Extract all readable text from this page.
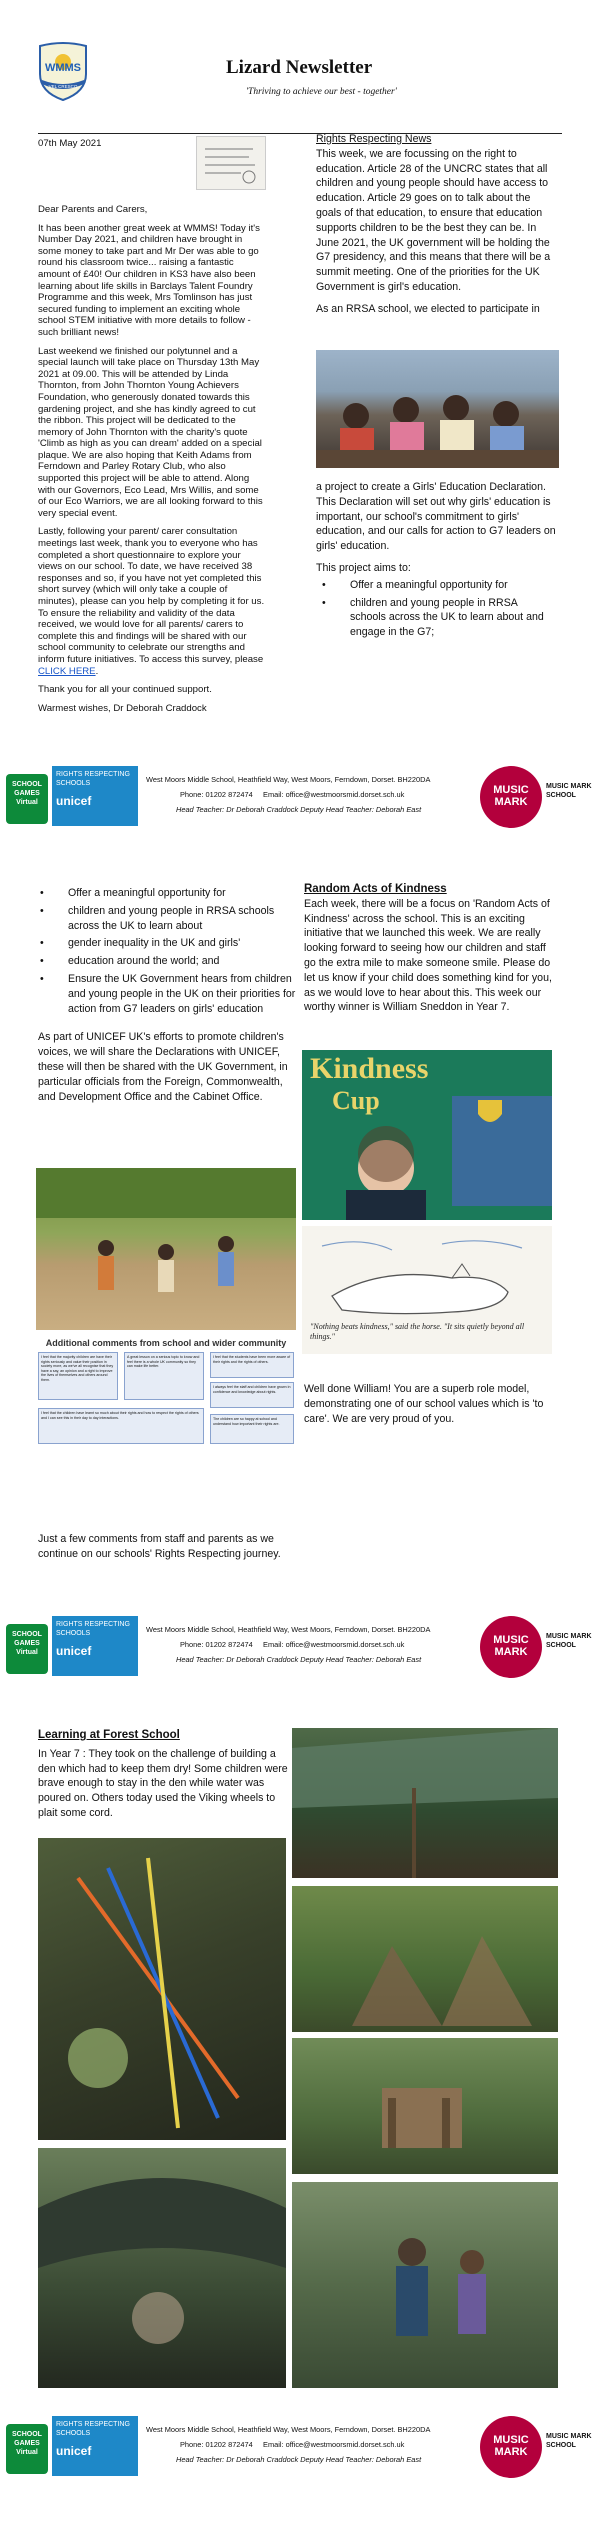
WMMS
VEL CRESCO
Lizard Newsletter
'Thriving to achieve our best - together'
07th May 2021

Dear Parents and Carers,

It has been another great week at WMMS! Today it's Number Day 2021, and children have brought in some money to take part and Mr Der was able to go round his classroom twice... raising a fantastic amount of £40! Our children in KS3 have also been learning about life skills in Barclays Talent Foundry Programme and this week, Mrs Tomlinson has just secured funding to implement an exciting whole school STEM initiative with more details to follow - such brilliant news!

Last weekend we finished our polytunnel and a special launch will take place on Thursday 13th May 2021 at 09.00. This will be attended by Linda Thornton, from John Thornton Young Achievers Foundation, who generously donated towards this gardening project, and she has kindly agreed to cut the ribbon. This project will be dedicated to the memory of John Thornton with the charity's quote 'Climb as high as you can dream' added on a special plaque. We are also hoping that Keith Adams from Ferndown and Parley Rotary Club, who also supported this project will be able to attend. Along with our Governors, Eco Lead, Mrs Willis, and some of our Eco Warriors, we are all looking forward to this very special event.

Lastly, following your parent/ carer consultation meetings last week, thank you to everyone who has completed a short questionnaire to explore your views on our school. To date, we have received 38 responses and so, if you have not yet completed this short survey (which will only take a couple of minutes), please can you help by completing it for us. To ensure the reliability and validity of the data received, we would love for all parents/ carers to complete this and findings will be shared with our school community to celebrate our strengths and inform future initiatives. To access this survey, please CLICK HERE.

Thank you for all your continued support.

Warmest wishes, Dr Deborah Craddock

Rights Respecting News

This week, we are focussing on the right to education. Article 28 of the UNCRC states that all children and young people should have access to education. Article 29 goes on to talk about the goals of that education, to ensure that education supports children to be the best they can be. In June 2021, the UK government will be holding the G7 presidency, and this means that there will be a summit meeting. One of the priorities for the UK Government is girl's education.

As an RRSA school, we elected to participate in

a project to create a Girls' Education Declaration. This Declaration will set out why girls' education is important, our school's commitment to girls' education, and our calls for action to G7 leaders on girls' education.

This project aims to:

• Offer a meaningful opportunity for
• children and young people in RRSA schools across the UK to learn about and engage in the G7;
SCHOOL GAMES
Virtual
RIGHTS RESPECTING SCHOOLS

unicef
West Moors Middle School, Heathfield Way, West Moors, Ferndown, Dorset. BH220DA
Phone: 01202 872474 Email: office@westmoorsmid.dorset.sch.uk
Head Teacher: Dr Deborah Craddock Deputy Head Teacher: Deborah East
MUSIC MARK
MUSIC MARK SCHOOL
• Offer a meaningful opportunity for
• children and young people in RRSA schools across the UK to learn about
• gender inequality in the UK and girls'
• education around the world; and
• Ensure the UK Government hears from children and young people in the UK on their priorities for action from G7 leaders on girls' education

As part of UNICEF UK's efforts to promote children's voices, we will share the Declarations with UNICEF, these will then be shared with the UK Government, in particular officials from the Foreign, Commonwealth, and Development Office and the Cabinet Office.

Additional comments from school and wider community
I feel that the majority children are have their rights seriously and value their position in society more, as we've all recognise that they have a say, an opinion and a right to improve the lives of themselves and others around them.
A great lesson on a serious topic to know and feel there is a whole UK community so they can make life better.
I feel that the students have been more aware of their rights and the rights of others.
I always feel the staff and children have grown in confidence and knowledge about rights.
I feel that the children have learnt so much about their rights and how to respect the rights of others and I can see this in their day to day interactions.	The children are so happy at school and understand how important their rights are.
Just a few comments from staff and parents as we continue on our schools' Rights Respecting journey.
Random Acts of Kindness

Each week, there will be a focus on 'Random Acts of Kindness' across the school. This is an exciting initiative that we launched this week. We are really looking forward to seeing how our children and staff go the extra mile to make someone smile. Please do let us know if your child does something kind for you, as we would love to hear about this. This week our worthy winner is William Sneddon in Year 7.

Kindness
Cup
"Nothing beats kindness," said the horse. "It sits quietly beyond all things."
Well done William! You are a superb role model, demonstrating one of our school values which is 'to care'. We are very proud of you.
SCHOOL GAMES
Virtual
RIGHTS RESPECTING SCHOOLS

unicef
West Moors Middle School, Heathfield Way, West Moors, Ferndown, Dorset. BH220DA
Phone: 01202 872474 Email: office@westmoorsmid.dorset.sch.uk
Head Teacher: Dr Deborah Craddock Deputy Head Teacher: Deborah East
MUSIC MARK
MUSIC MARK SCHOOL
Learning at Forest School

In Year 7 : They took on the challenge of building a den which had to keep them dry! Some children were brave enough to stay in the den while water was poured on. Others today used the Viking wheels to plait some cord.

SCHOOL GAMES
Virtual
RIGHTS RESPECTING SCHOOLS

unicef
West Moors Middle School, Heathfield Way, West Moors, Ferndown, Dorset. BH220DA
Phone: 01202 872474 Email: office@westmoorsmid.dorset.sch.uk
Head Teacher: Dr Deborah Craddock Deputy Head Teacher: Deborah East
MUSIC MARK
MUSIC MARK SCHOOL
